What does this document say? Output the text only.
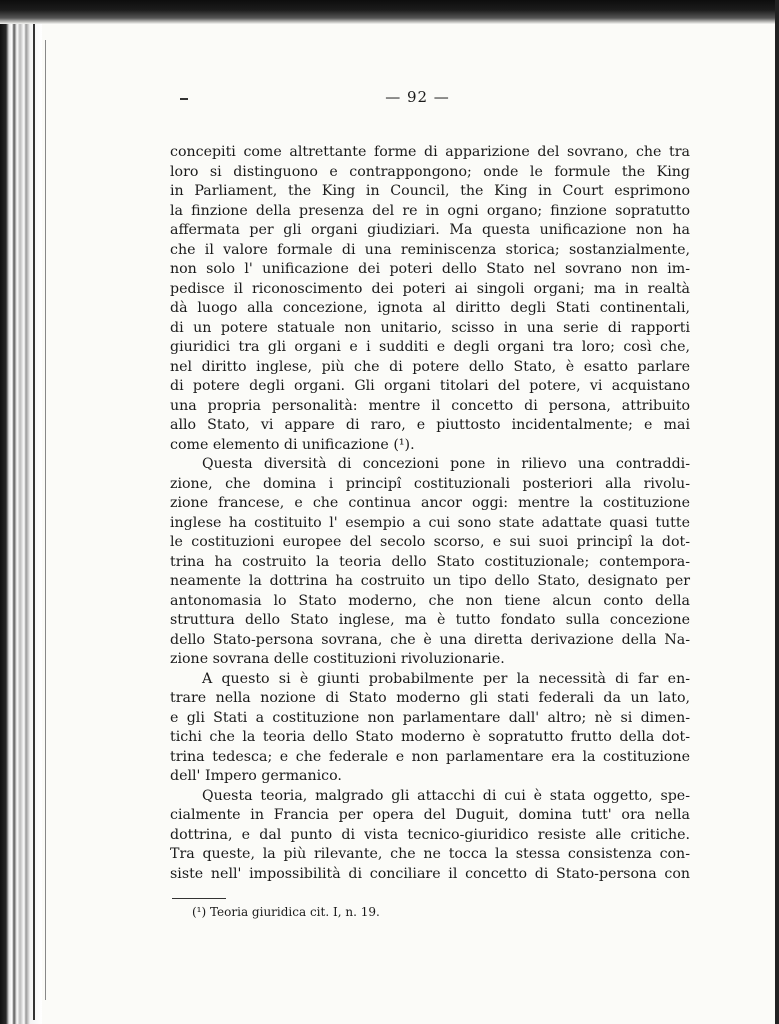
— 92 —
concepiti come altrettante forme di apparizione del sovrano, che tra
loro si distinguono e contrappongono; onde le formule the King
in Parliament, the King in Council, the King in Court esprimono
la finzione della presenza del re in ogni organo; finzione sopratutto
affermata per gli organi giudiziari. Ma questa unificazione non ha
che il valore formale di una reminiscenza storica; sostanzialmente,
non solo l' unificazione dei poteri dello Stato nel sovrano non im-
pedisce il riconoscimento dei poteri ai singoli organi; ma in realtà
dà luogo alla concezione, ignota al diritto degli Stati continentali,
di un potere statuale non unitario, scisso in una serie di rapporti
giuridici tra gli organi e i sudditi e degli organi tra loro; così che,
nel diritto inglese, più che di potere dello Stato, è esatto parlare
di potere degli organi. Gli organi titolari del potere, vi acquistano
una propria personalità: mentre il concetto di persona, attribuito
allo Stato, vi appare di raro, e piuttosto incidentalmente; e mai
come elemento di unificazione (¹).
Questa diversità di concezioni pone in rilievo una contraddi-
zione, che domina i principî costituzionali posteriori alla rivolu-
zione francese, e che continua ancor oggi: mentre la costituzione
inglese ha costituito l' esempio a cui sono state adattate quasi tutte
le costituzioni europee del secolo scorso, e sui suoi principî la dot-
trina ha costruito la teoria dello Stato costituzionale; contempora-
neamente la dottrina ha costruito un tipo dello Stato, designato per
antonomasia lo Stato moderno, che non tiene alcun conto della
struttura dello Stato inglese, ma è tutto fondato sulla concezione
dello Stato-persona sovrana, che è una diretta derivazione della Na-
zione sovrana delle costituzioni rivoluzionarie.
A questo si è giunti probabilmente per la necessità di far en-
trare nella nozione di Stato moderno gli stati federali da un lato,
e gli Stati a costituzione non parlamentare dall' altro; nè si dimen-
tichi che la teoria dello Stato moderno è sopratutto frutto della dot-
trina tedesca; e che federale e non parlamentare era la costituzione
dell' Impero germanico.
Questa teoria, malgrado gli attacchi di cui è stata oggetto, spe-
cialmente in Francia per opera del Duguit, domina tutt' ora nella
dottrina, e dal punto di vista tecnico-giuridico resiste alle critiche.
Tra queste, la più rilevante, che ne tocca la stessa consistenza con-
siste nell' impossibilità di conciliare il concetto di Stato-persona con
(¹) Teoria giuridica cit. I, n. 19.
